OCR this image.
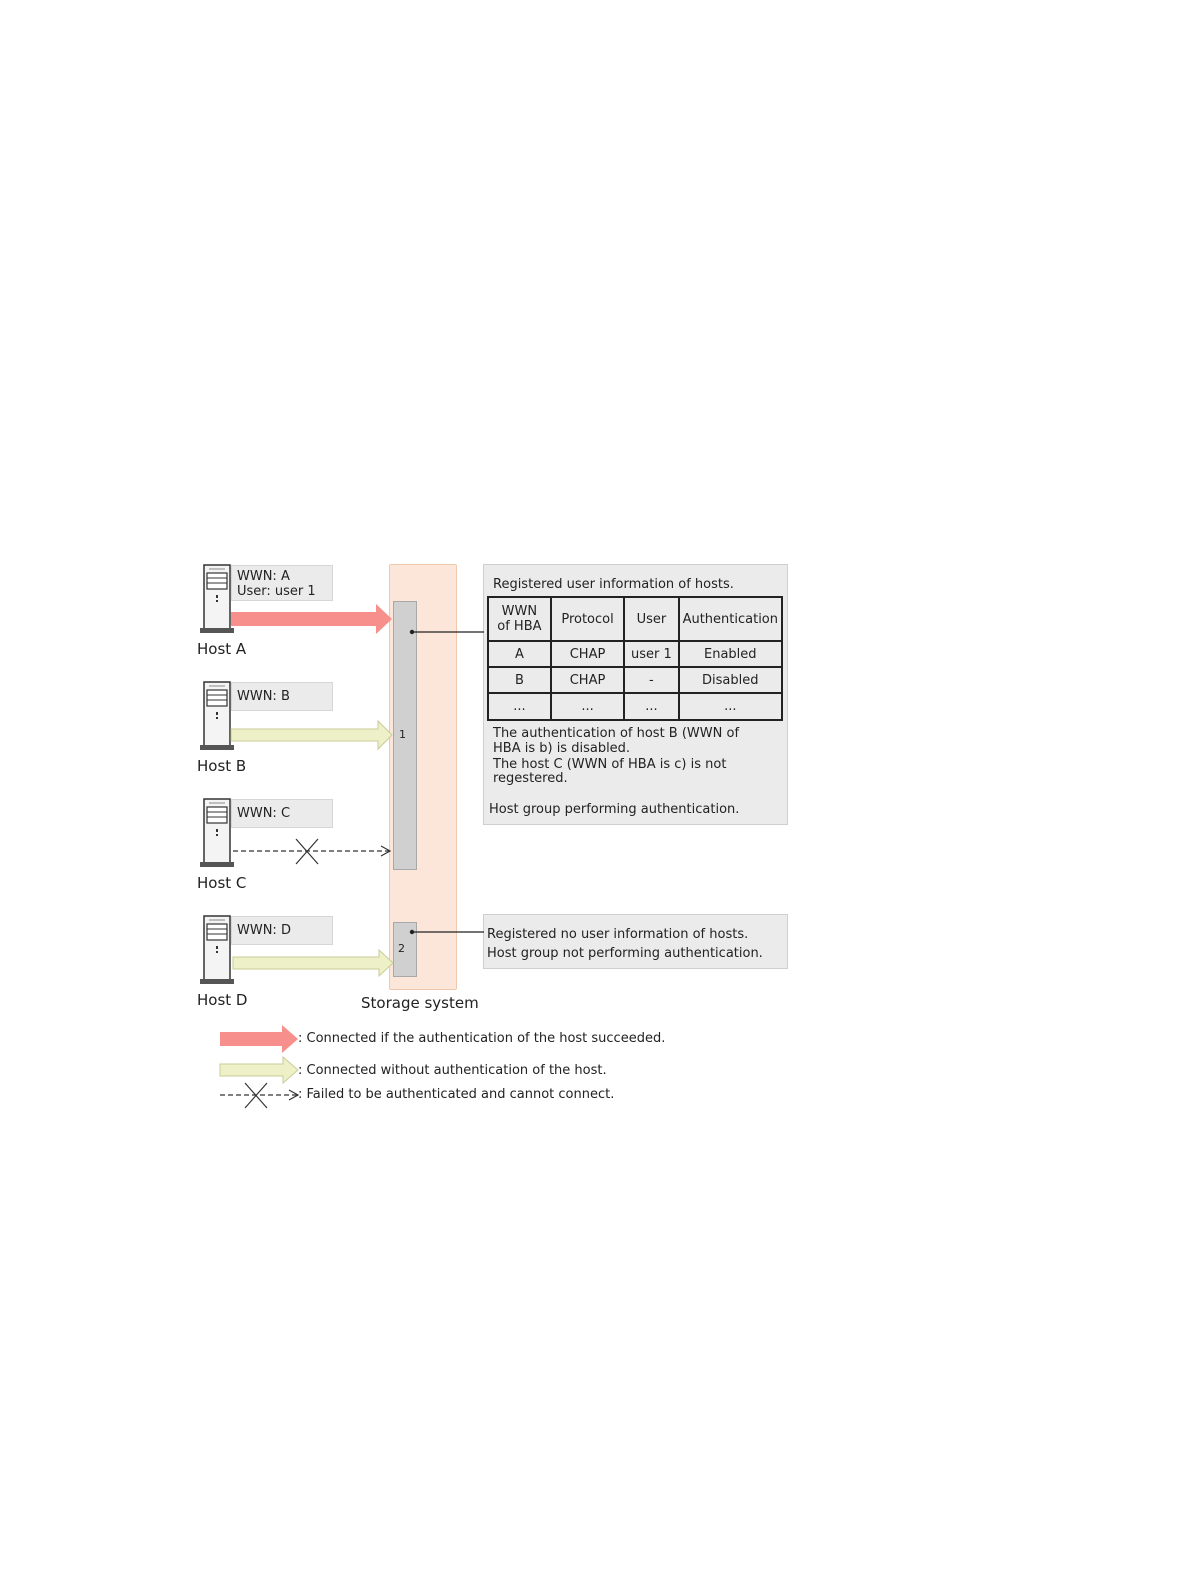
1
2
Storage system
WWN: A
User: user 1
WWN: B
WWN: C
WWN: D
Host A
Host B
Host C
Host D
Registered user information of hosts.
WWN of HBA	Protocol	User	Authentication
A	CHAP	user 1	Enabled
B	CHAP	-	Disabled
...	...	...	...
The authentication of host B (WWN of
HBA is b) is disabled.
The host C (WWN of HBA is c) is not
regestered.
Host group performing authentication.
Registered no user information of hosts.
Host group not performing authentication.
: Connected if the authentication of the host succeeded.
: Connected without authentication of the host.
: Failed to be authenticated and cannot connect.
